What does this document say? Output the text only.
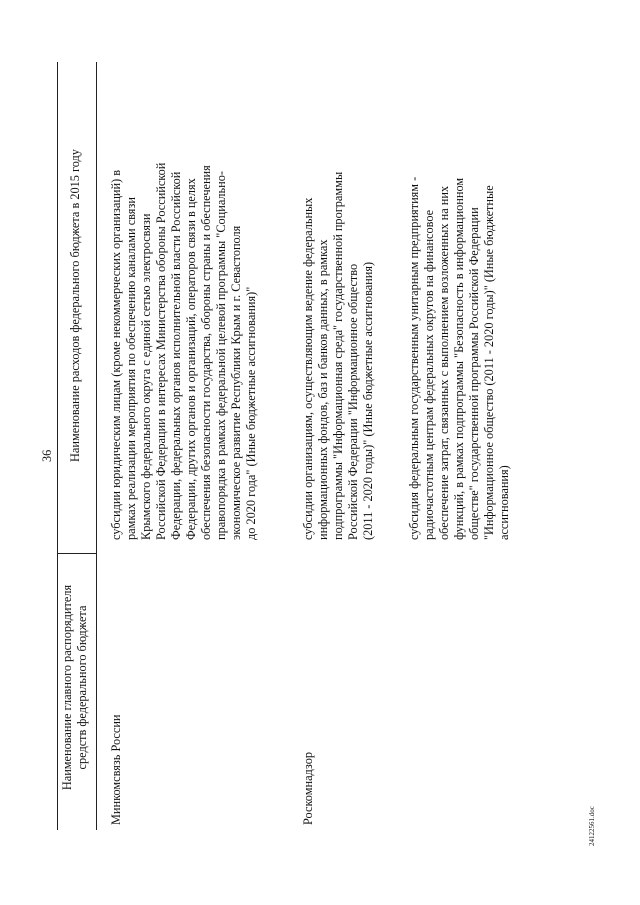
36
Наименование главного распорядителя средств федерального бюджета
Наименование расходов федерального бюджета в 2015 году
Минкомсвязь России

субсидии юридическим лицам (кроме некоммерческих организаций) в рамках реализации мероприятия по обеспечению каналами связи Крымского федерального округа с единой сетью электросвязи Российской Федерации в интересах Министерства обороны Российской Федерации, федеральных органов исполнительной власти Российской Федерации, других органов и организаций, операторов связи в целях обеспечения безопасности государства, обороны страны и обеспечения правопорядка в рамках федеральной целевой программы "Социально- экономическое развитие Республики Крым и г. Севастополя до 2020 года" (Иные бюджетные ассигнования)"

Роскомнадзор

субсидии организациям, осуществляющим ведение федеральных информационных фондов, баз и банков данных, в рамках подпрограммы "Информационная среда" государственной программы Российской Федерации "Информационное общество (2011 - 2020 годы)" (Иные бюджетные ассигнования)	субсидия федеральным государственным унитарным предприятиям - радиочастотным центрам федеральных округов на финансовое обеспечение затрат, связанных с выполнением возложенных на них функций, в рамках подпрограммы "Безопасность в информационном обществе" государственной программы Российской Федерации "Информационное общество (2011 - 2020 годы)" (Иные бюджетные ассигнования)

24122561.doc
